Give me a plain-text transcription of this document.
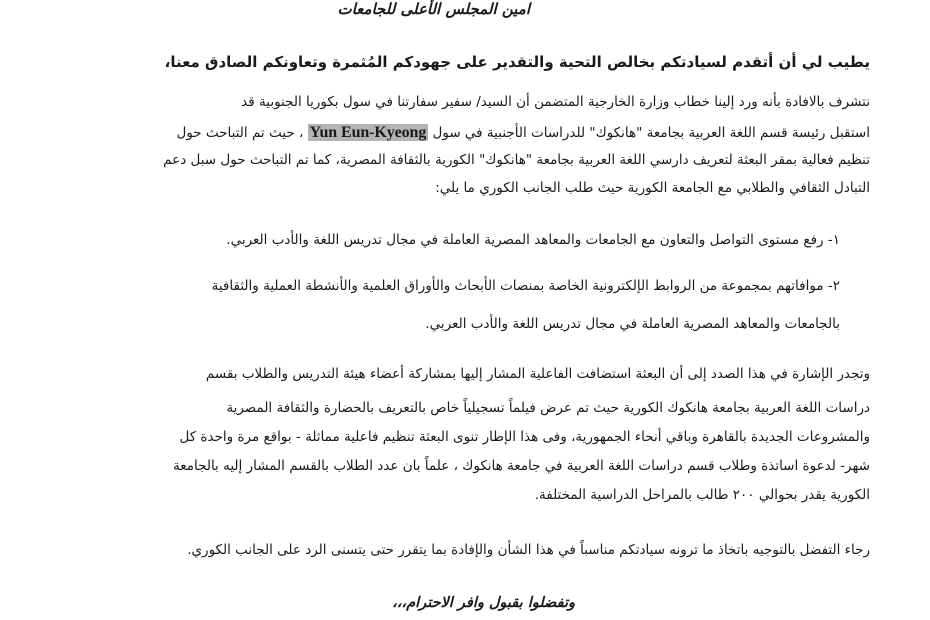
امين المجلس الأعلى للجامعات
يطيب لي أن أتقدم لسيادتكم بخالص التحية والتقدير على جهودكم المُثمرة وتعاونكم الصادق معنا،
نتشرف بالافادة بأنه ورد إلينا خطاب وزارة الخارجية المتضمن أن السيد/ سفير سفارتنا في سول بكوريا الجنوبية قد
استقبل رئيسة قسم اللغة العربية بجامعة "هانكوك" للدراسات الأجنبية في سول Yun Eun-Kyeong ، حيث تم التباحث حول
تنظيم فعالية بمقر البعثة لتعريف دارسي اللغة العربية بجامعة "هانكوك" الكورية بالثقافة المصرية، كما تم التباحث حول سبل دعم
التبادل الثقافي والطلابي مع الجامعة الكورية حيث طلب الجانب الكوري ما يلي:
١- رفع مستوى التواصل والتعاون مع الجامعات والمعاهد المصرية العاملة في مجال تدريس اللغة والأدب العربي.
٢- موافاتهم بمجموعة من الروابط الإلكترونية الخاصة بمنصات الأبحاث والأوراق العلمية والأنشطة العملية والثقافية
بالجامعات والمعاهد المصرية العاملة في مجال تدريس اللغة والأدب العربي.
وتجدر الإشارة في هذا الصدد إلى أن البعثة استضافت الفاعلية المشار إليها بمشاركة أعضاء هيئة التدريس والطلاب بقسم
دراسات اللغة العربية بجامعة هانكوك الكورية حيث تم عرض فيلماً تسجيلياً خاص بالتعريف بالحضارة والثقافة المصرية
والمشروعات الجديدة بالقاهرة وباقي أنحاء الجمهورية، وفى هذا الإطار تنوى البعثة تنظيم فاعلية مماثلة - بواقع مرة واحدة كل
شهر- لدعوة اساتذة وطلاب قسم دراسات اللغة العربية في جامعة هانكوك ، علماً بان عدد الطلاب بالقسم المشار إليه بالجامعة
الكورية يقدر بحوالي ٢٠٠ طالب بالمراحل الدراسية المختلفة.
رجاء التفضل بالتوجيه باتخاذ ما ترونه سيادتكم مناسباً في هذا الشأن والإفادة بما يتقرر حتى يتسنى الرد على الجانب الكوري.
وتفضلوا بقبول وافر الاحترام،،،
